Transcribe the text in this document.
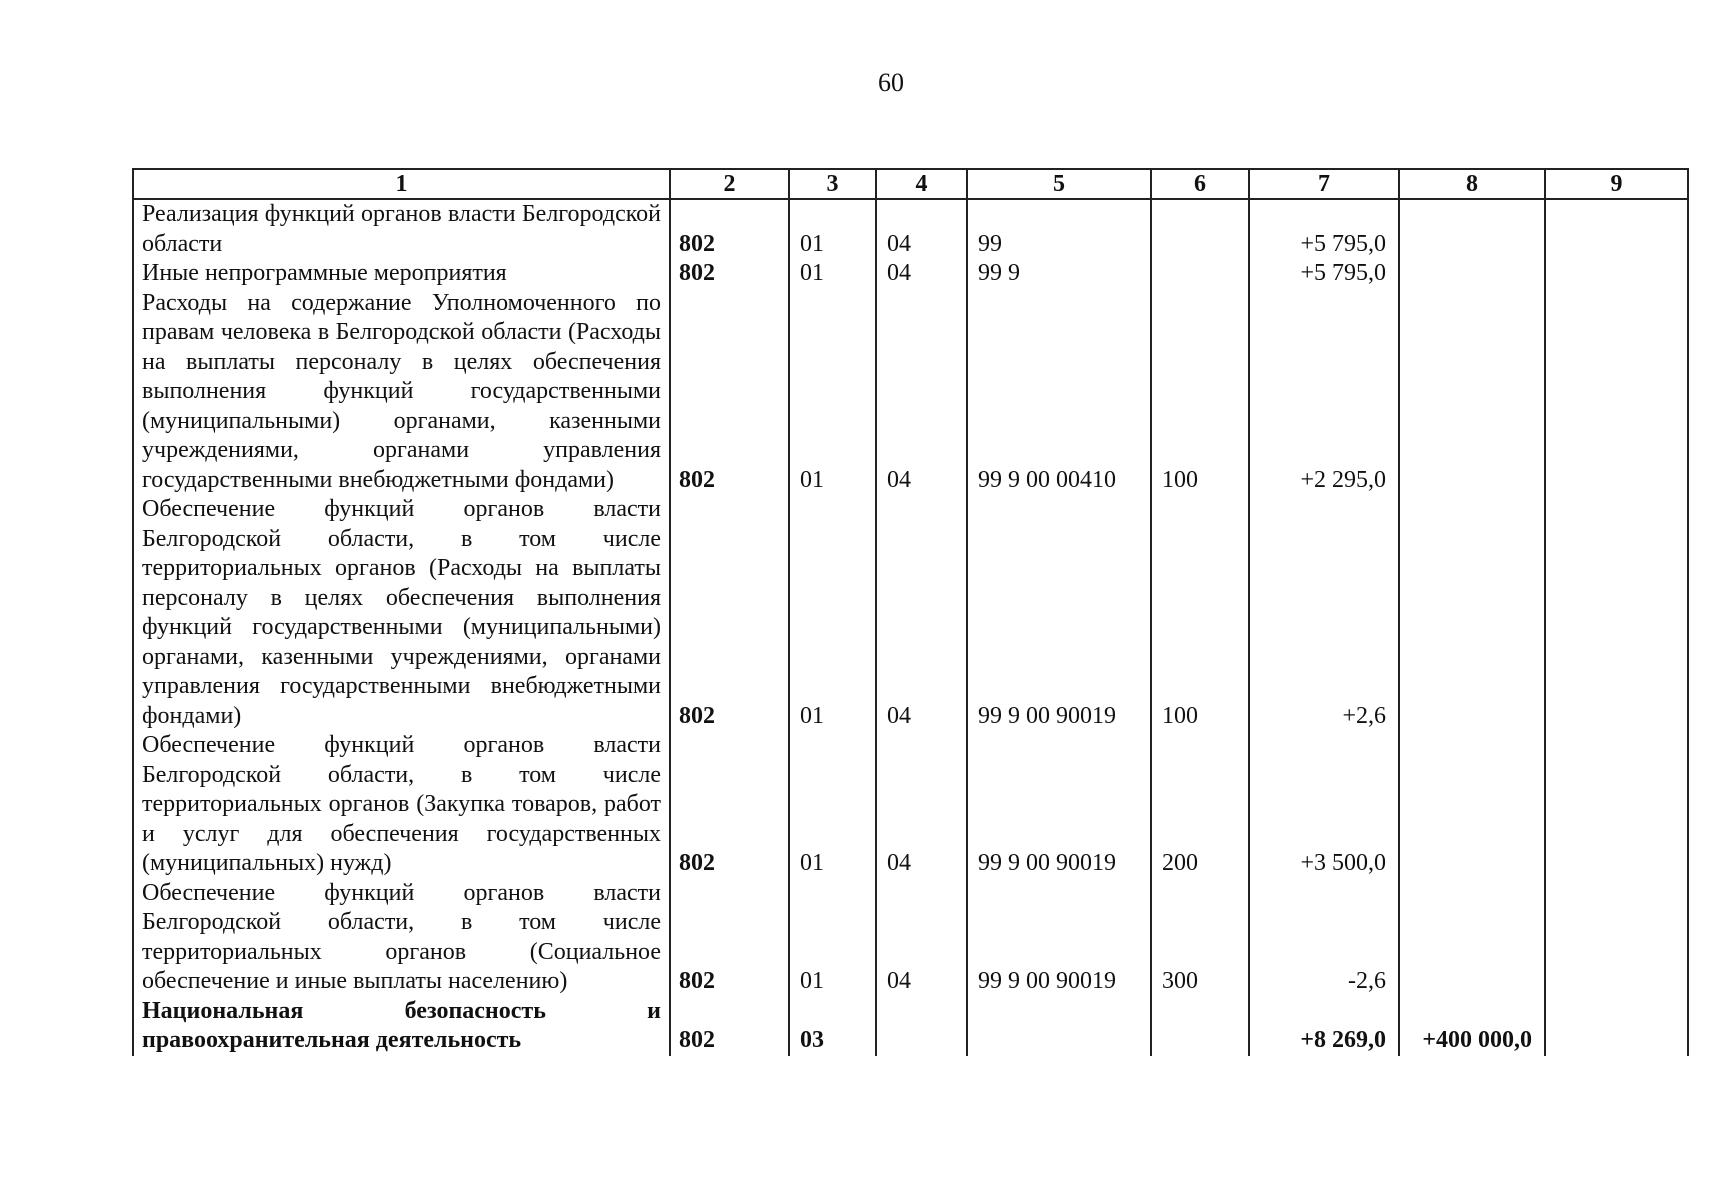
60
1	2	3	4	5	6	7	8	9
Реализация функций органов власти Белгородской области	802	01	04	99		+5 795,0		
Иные непрограммные мероприятия	802	01	04	99 9		+5 795,0		
Расходы на содержание Уполномоченного по правам человека в Белгородской области (Расходы на выплаты персоналу в целях обеспечения выполнения функций государственными (муниципальными) органами, казенными учреждениями, органами управления государственными внебюджетными фондами)	802	01	04	99 9 00 00410	100	+2 295,0		
Обеспечение функций органов власти Белгородской области, в том числе территориальных органов (Расходы на выплаты персоналу в целях обеспечения выполнения функций государственными (муниципальными) органами, казенными учреждениями, органами управления государственными внебюджетными фондами)	802	01	04	99 9 00 90019	100	+2,6		
Обеспечение функций органов власти Белгородской области, в том числе территориальных органов (Закупка товаров, работ и услуг для обеспечения государственных (муниципальных) нужд)	802	01	04	99 9 00 90019	200	+3 500,0		
Обеспечение функций органов власти Белгородской области, в том числе территориальных органов (Социальное обеспечение и иные выплаты населению)	802	01	04	99 9 00 90019	300	-2,6		
Национальная безопасность и правоохранительная деятельность	802	03				+8 269,0	+400 000,0	
